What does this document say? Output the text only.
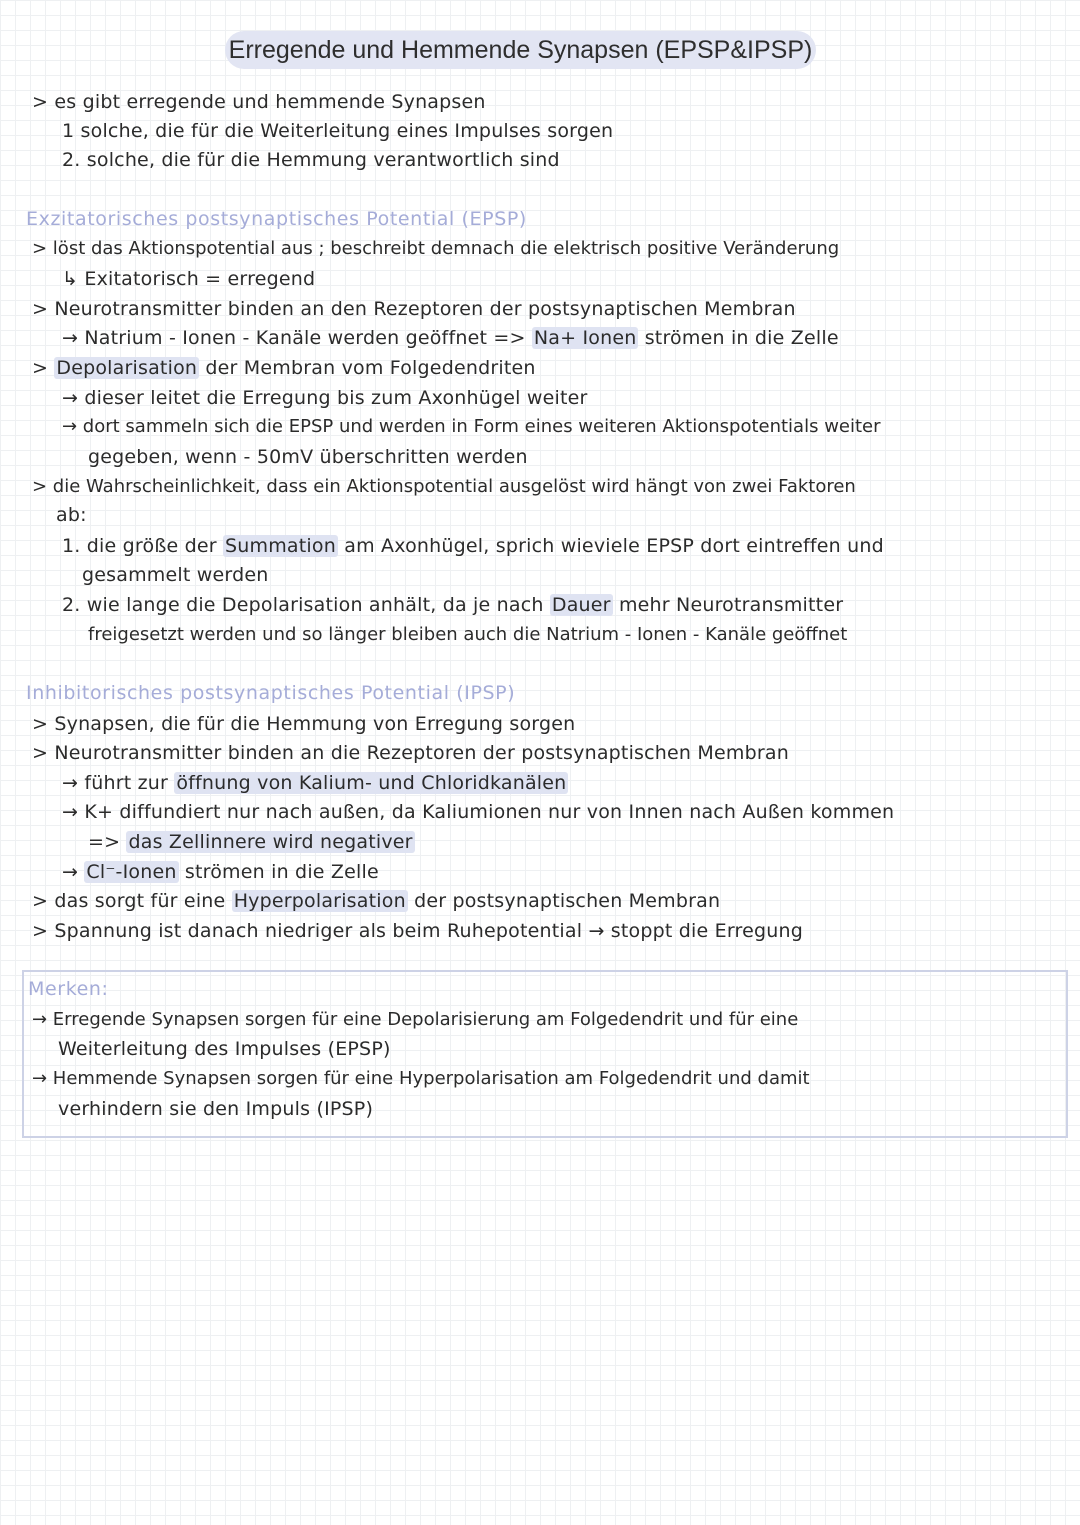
Erregende und Hemmende Synapsen (EPSP&IPSP)
> es gibt erregende und hemmende Synapsen
1 solche, die für die Weiterleitung eines Impulses sorgen
2. solche, die für die Hemmung verantwortlich sind
Exzitatorisches postsynaptisches Potential (EPSP)
> löst das Aktionspotential aus ; beschreibt demnach die elektrisch positive Veränderung
↳ Exitatorisch = erregend
> Neurotransmitter binden an den Rezeptoren der postsynaptischen Membran
→ Natrium - Ionen - Kanäle werden geöffnet => Na+ Ionen strömen in die Zelle
> Depolarisation der Membran vom Folgedendriten
→ dieser leitet die Erregung bis zum Axonhügel weiter
→ dort sammeln sich die EPSP und werden in Form eines weiteren Aktionspotentials weiter
gegeben, wenn - 50mV überschritten werden
> die Wahrscheinlichkeit, dass ein Aktionspotential ausgelöst wird hängt von zwei Faktoren
ab:
1. die größe der Summation am Axonhügel, sprich wieviele EPSP dort eintreffen und
gesammelt werden
2. wie lange die Depolarisation anhält, da je nach Dauer mehr Neurotransmitter
freigesetzt werden und so länger bleiben auch die Natrium - Ionen - Kanäle geöffnet
Inhibitorisches postsynaptisches Potential (IPSP)
> Synapsen, die für die Hemmung von Erregung sorgen
> Neurotransmitter binden an die Rezeptoren der postsynaptischen Membran
→ führt zur öffnung von Kalium- und Chloridkanälen
→ K+ diffundiert nur nach außen, da Kaliumionen nur von Innen nach Außen kommen
=> das Zellinnere wird negativer
→ Cl⁻-Ionen strömen in die Zelle
> das sorgt für eine Hyperpolarisation der postsynaptischen Membran
> Spannung ist danach niedriger als beim Ruhepotential → stoppt die Erregung
Merken:
→ Erregende Synapsen sorgen für eine Depolarisierung am Folgedendrit und für eine
Weiterleitung des Impulses (EPSP)
→ Hemmende Synapsen sorgen für eine Hyperpolarisation am Folgedendrit und damit
verhindern sie den Impuls (IPSP)
